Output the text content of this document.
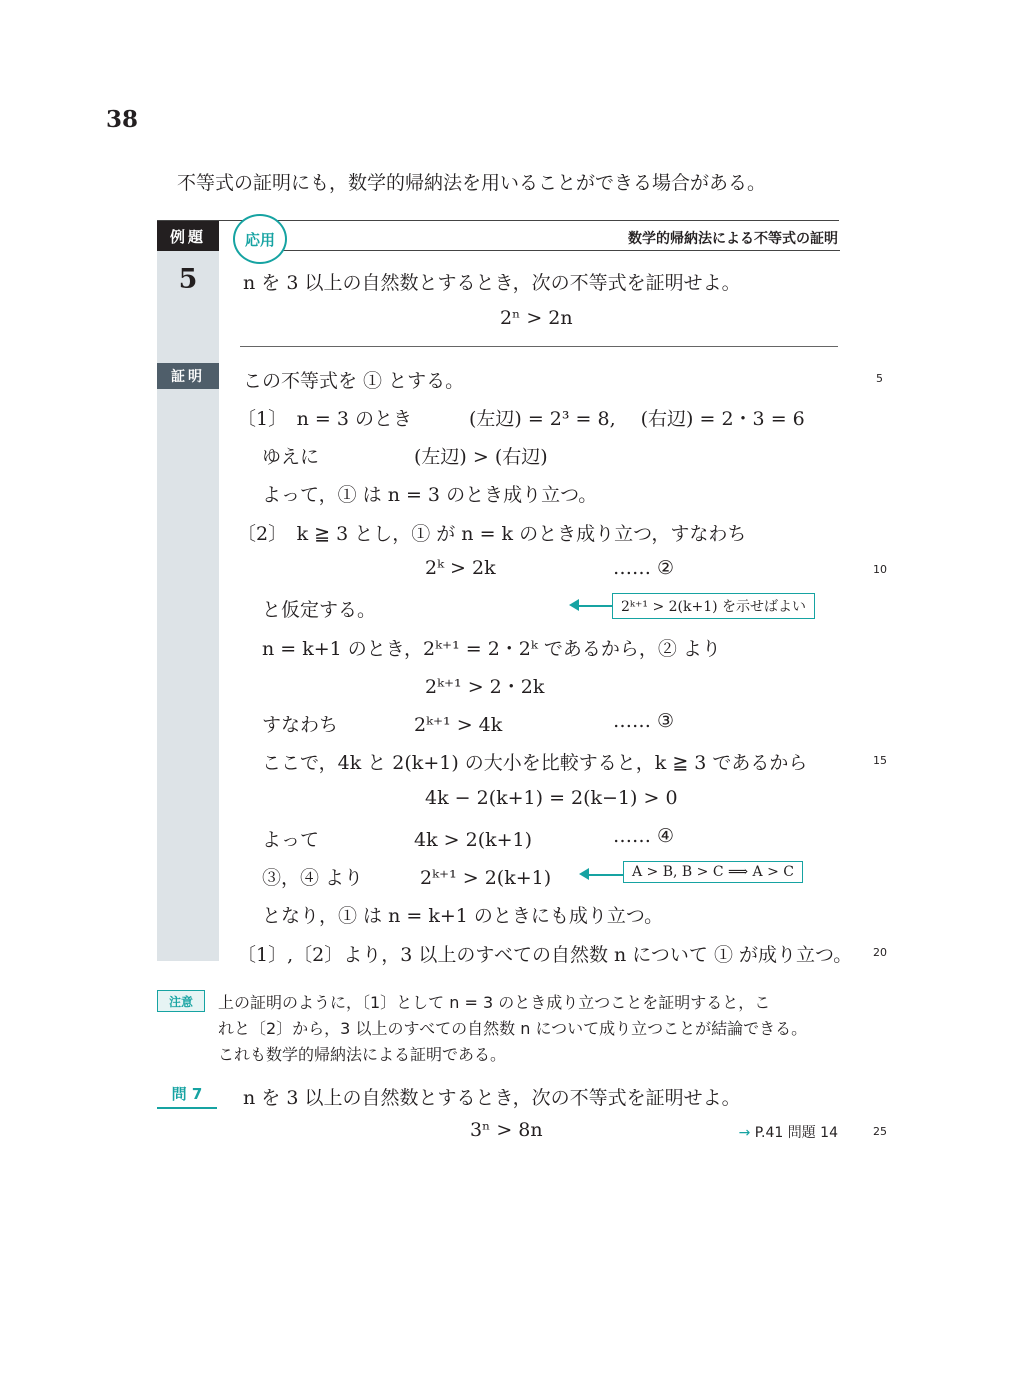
38
不等式の証明にも，数学的帰納法を用いることができる場合がある。
例題	応用	数学的帰納法による不等式の証明
5	n を 3 以上の自然数とするとき，次の不等式を証明せよ。
2ⁿ > 2n
証明	この不等式を ① とする。
〔1〕　n = 3 のとき　　　(左辺) = 2³ = 8,　 (右辺) = 2・3 = 6
ゆえに　　　　　(左辺) > (右辺)
よって，① は n = 3 のとき成り立つ。
〔2〕　k ≧ 3 とし，① が n = k のとき成り立つ，すなわち
2ᵏ > 2k	…… ②
と仮定する。
n = k+1 のとき，2ᵏ⁺¹ = 2・2ᵏ であるから，② より
2ᵏ⁺¹ > 2・2k
すなわち　　　　2ᵏ⁺¹ > 4k	…… ③
ここで，4k と 2(k+1) の大小を比較すると，k ≧ 3 であるから
4k − 2(k+1) = 2(k−1) > 0
よって　　　　　4k > 2(k+1)	…… ④
③，④ より　　　2ᵏ⁺¹ > 2(k+1)
となり，① は n = k+1 のときにも成り立つ。
〔1〕,〔2〕より，3 以上のすべての自然数 n について ① が成り立つ。
2ᵏ⁺¹ > 2(k+1) を示せばよい
A > B, B > C ⟹ A > C
5
10
15
20
25
注意	上の証明のように，〔1〕として n = 3 のとき成り立つことを証明すると，こ
れと〔2〕から，3 以上のすべての自然数 n について成り立つことが結論できる。
これも数学的帰納法による証明である。
問 7	n を 3 以上の自然数とするとき，次の不等式を証明せよ。
3ⁿ > 8n	→ P.41 問題 14
